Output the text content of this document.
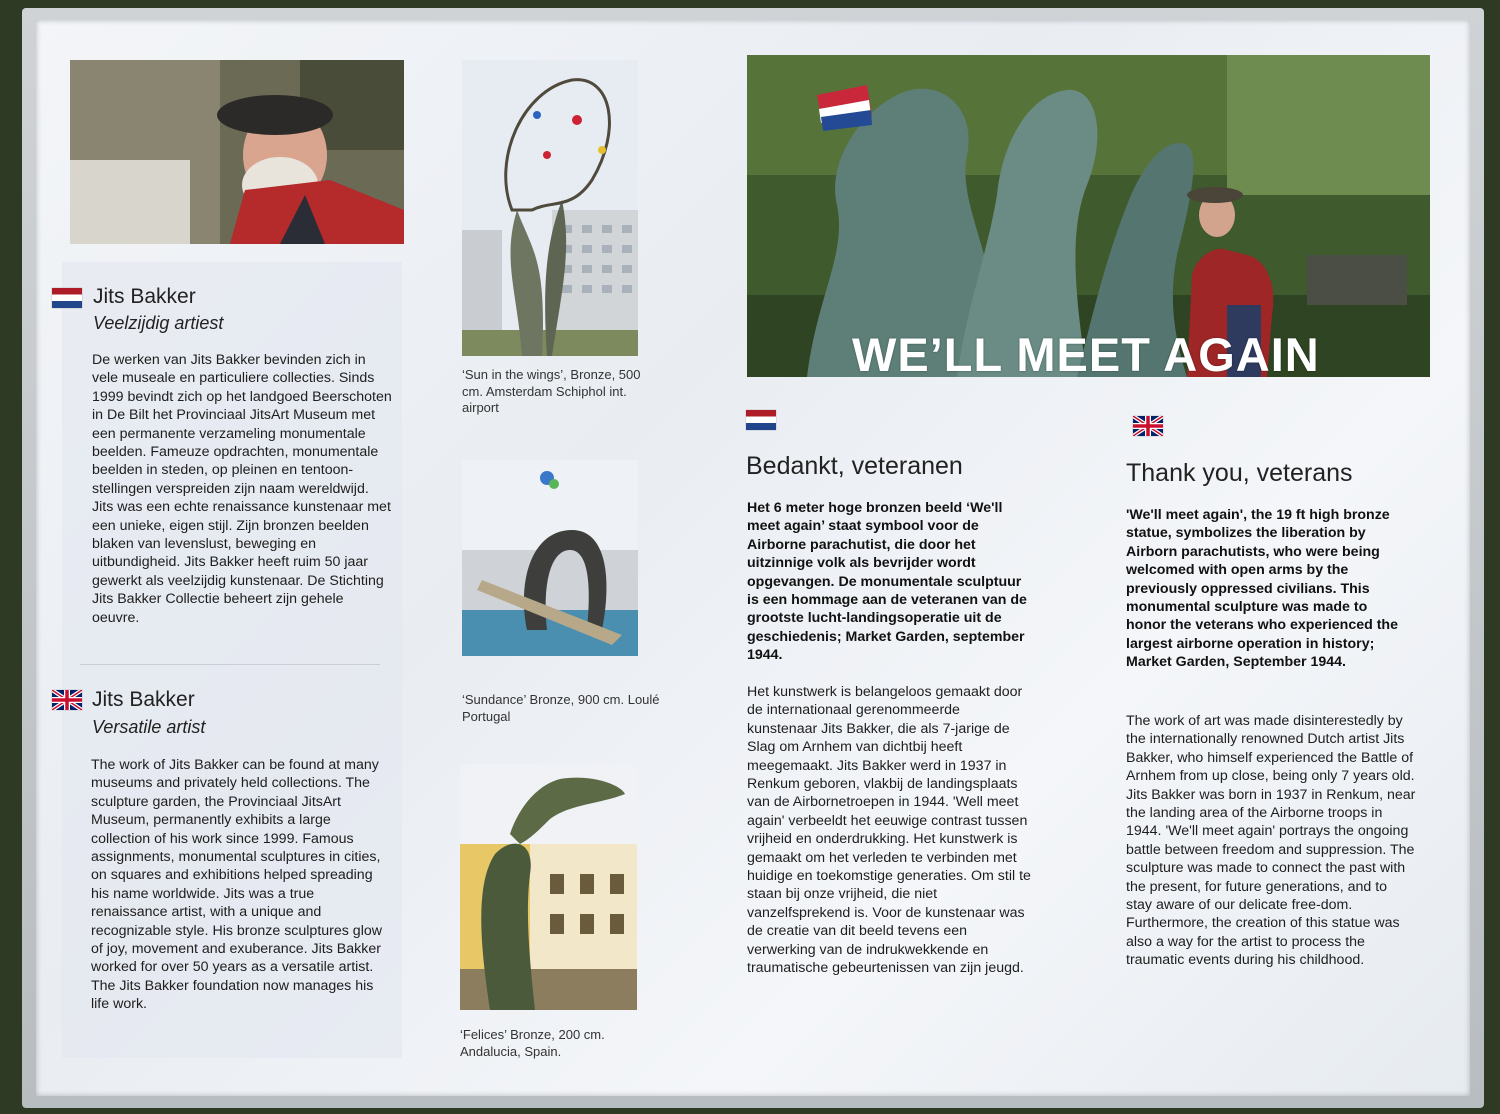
Jits Bakker
Veelzijdig artiest
De werken van Jits Bakker bevinden zich in vele museale en particuliere collecties. Sinds 1999 bevindt zich op het landgoed Beerschoten in De Bilt het Provinciaal JitsArt Museum met een permanente verzameling monumentale beelden. Fameuze opdrachten, monumentale beelden in steden, op pleinen en tentoon-stellingen verspreiden zijn naam wereldwijd. Jits was een echte renaissance kunstenaar met een unieke, eigen stijl. Zijn bronzen beelden blaken van levenslust, beweging en uitbundigheid. Jits Bakker heeft ruim 50 jaar gewerkt als veelzijdig kunstenaar. De Stichting Jits Bakker Collectie beheert zijn gehele oeuvre.
Jits Bakker
Versatile artist
The work of Jits Bakker can be found at many museums and privately held collections. The sculpture garden, the Provinciaal JitsArt Museum, permanently exhibits a large collection of his work since 1999. Famous assignments, monumental sculptures in cities, on squares and exhibitions helped spreading his name worldwide. Jits was a true renaissance artist, with a unique and recognizable style. His bronze sculptures glow of joy, movement and exuberance. Jits Bakker worked for over 50 years as a versatile artist. The Jits Bakker foundation now manages his life work.
‘Sun in the wings’, Bronze, 500 cm. Amsterdam Schiphol int. airport
‘Sundance’ Bronze, 900 cm. Loulé Portugal
‘Felices’ Bronze, 200 cm. Andalucia, Spain.
WE’LL MEET AGAIN
Bedankt, veteranen
Het 6 meter hoge bronzen beeld ‘We'll meet again’ staat symbool voor de Airborne parachutist, die door het uitzinnige volk als bevrijder wordt opgevangen. De monumentale sculptuur is een hommage aan de veteranen van de grootste lucht-landingsoperatie uit de geschiedenis; Market Garden, september 1944.
Het kunstwerk is belangeloos gemaakt door de internationaal gerenommeerde kunstenaar Jits Bakker, die als 7-jarige de Slag om Arnhem van dichtbij heeft meegemaakt. Jits Bakker werd in 1937 in Renkum geboren, vlakbij de landingsplaats van de Airbornetroepen in 1944. 'Well meet again' verbeeldt het eeuwige contrast tussen vrijheid en onderdrukking. Het kunstwerk is gemaakt om het verleden te verbinden met huidige en toekomstige generaties. Om stil te staan bij onze vrijheid, die niet vanzelfsprekend is. Voor de kunstenaar was de creatie van dit beeld tevens een verwerking van de indrukwekkende en traumatische gebeurtenissen van zijn jeugd.
Thank you, veterans
'We'll meet again', the 19 ft high bronze statue, symbolizes the liberation by Airborn parachutists, who were being welcomed with open arms by the previously oppressed civilians. This monumental sculpture was made to honor the veterans who experienced the largest airborne operation in history; Market Garden, September 1944.
The work of art was made disinterestedly by the internationally renowned Dutch artist Jits Bakker, who himself experienced the Battle of Arnhem from up close, being only 7 years old. Jits Bakker was born in 1937 in Renkum, near the landing area of the Airborne troops in 1944. 'We'll meet again' portrays the ongoing battle between freedom and suppression. The sculpture was made to connect the past with the present, for future generations, and to stay aware of our delicate free-dom. Furthermore, the creation of this statue was also a way for the artist to process the traumatic events during his childhood.
